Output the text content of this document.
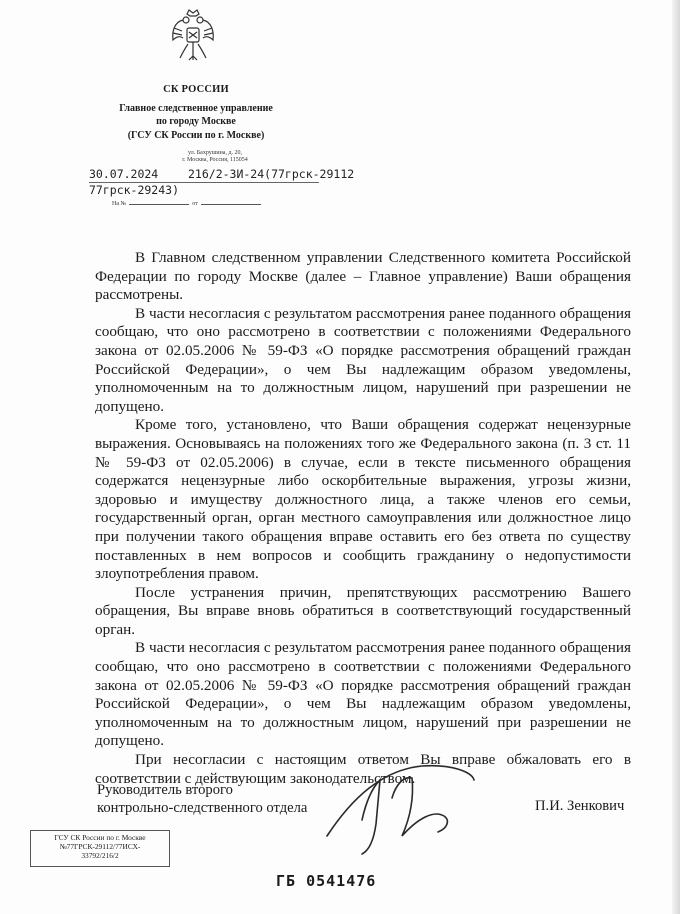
СК РОССИИ
Главное следственное управление
по городу Москве
(ГСУ СК России по г. Москве)
ул. Бахрушина, д. 20,
г. Москва, Россия, 115054
30.07.2024	216/2-ЗИ-24(77грск-29112
77грск-29243)
На №	от

В Главном следственном управлении Следственного комитета Российской Федерации по городу Москве (далее – Главное управление) Ваши обращения рассмотрены.

В части несогласия с результатом рассмотрения ранее поданного обращения сообщаю, что оно рассмотрено в соответствии с положениями Федерального закона от 02.05.2006 № 59-ФЗ «О порядке рассмотрения обращений граждан Российской Федерации», о чем Вы надлежащим образом уведомлены, уполномоченным на то должностным лицом, нарушений при разрешении не допущено.

Кроме того, установлено, что Ваши обращения содержат нецензурные выражения. Основываясь на положениях того же Федерального закона (п. 3 ст. 11 № 59-ФЗ от 02.05.2006) в случае, если в тексте письменного обращения содержатся нецензурные либо оскорбительные выражения, угрозы жизни, здоровью и имуществу должностного лица, а также членов его семьи, государственный орган, орган местного самоуправления или должностное лицо при получении такого обращения вправе оставить его без ответа по существу поставленных в нем вопросов и сообщить гражданину о недопустимости злоупотребления правом.

После устранения причин, препятствующих рассмотрению Вашего обращения, Вы вправе вновь обратиться в соответствующий государственный орган.

В части несогласия с результатом рассмотрения ранее поданного обращения сообщаю, что оно рассмотрено в соответствии с положениями Федерального закона от 02.05.2006 № 59-ФЗ «О порядке рассмотрения обращений граждан Российской Федерации», о чем Вы надлежащим образом уведомлены, уполномоченным на то должностным лицом, нарушений при разрешении не допущено.

При несогласии с настоящим ответом Вы вправе обжаловать его в соответствии с действующим законодательством.

Руководитель второго
контрольно-следственного отдела	П.И. Зенкович
ГСУ СК России по г. Москве
№77ГРСК-29112/77ИСХ-
33792/216/2
ГБ 0541476
